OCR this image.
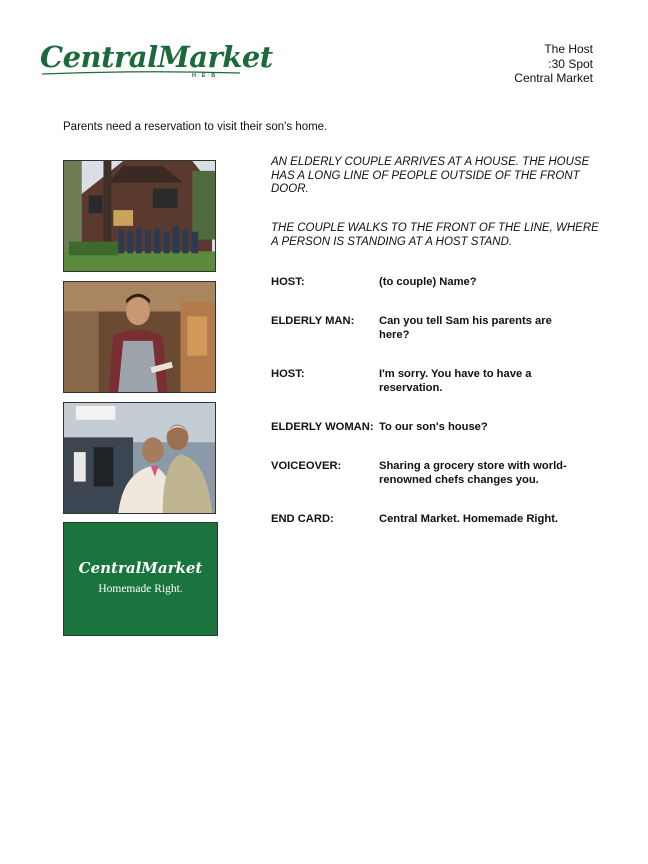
CentralMarket
H·E·B
The Host
:30 Spot
Central Market
Parents need a reservation to visit their son's home.
CentralMarket
Homemade Right.
AN ELDERLY COUPLE ARRIVES AT A HOUSE. THE HOUSE HAS A LONG LINE OF PEOPLE OUTSIDE OF THE FRONT DOOR.
THE COUPLE WALKS TO THE FRONT OF THE LINE, WHERE A PERSON IS STANDING AT A HOST STAND.
HOST:	(to couple) Name?
ELDERLY MAN:	Can you tell Sam his parents are here?
HOST:	I'm sorry. You have to have a reservation.
ELDERLY WOMAN: To our son's house?
VOICEOVER:	Sharing a grocery store with world-renowned chefs changes you.
END CARD:	Central Market. Homemade Right.
